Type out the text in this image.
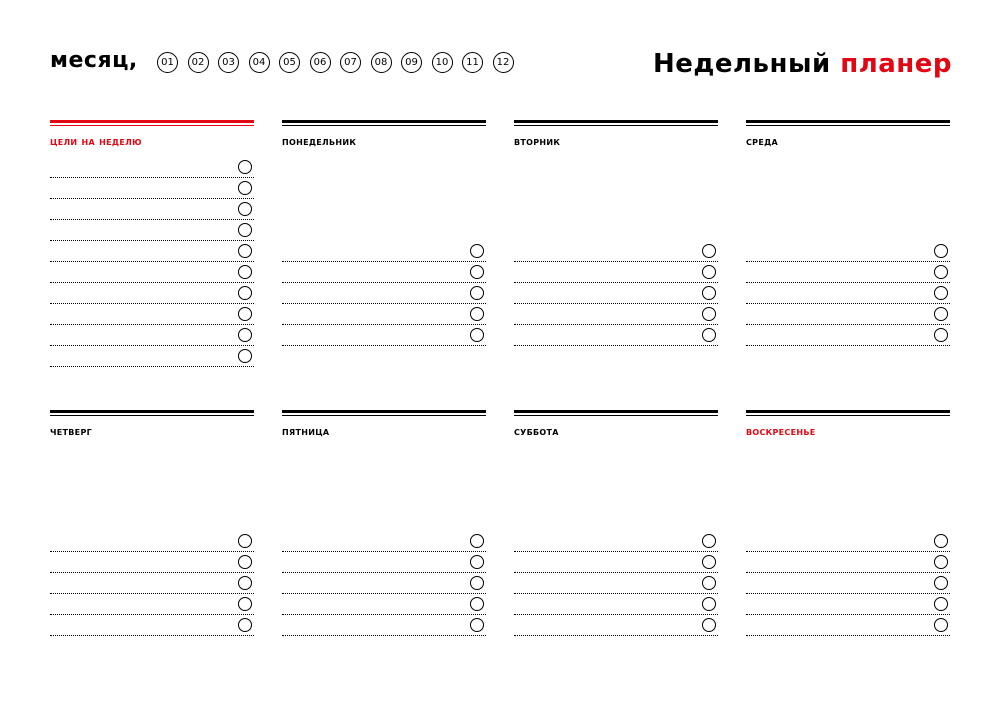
месяц,	01	02	03	04	05	06	07	08	09	10	11	12	Недельный планер
цели на неделю	понедельник	вторник	среда
четверг	пятница	суббота	воскресенье
